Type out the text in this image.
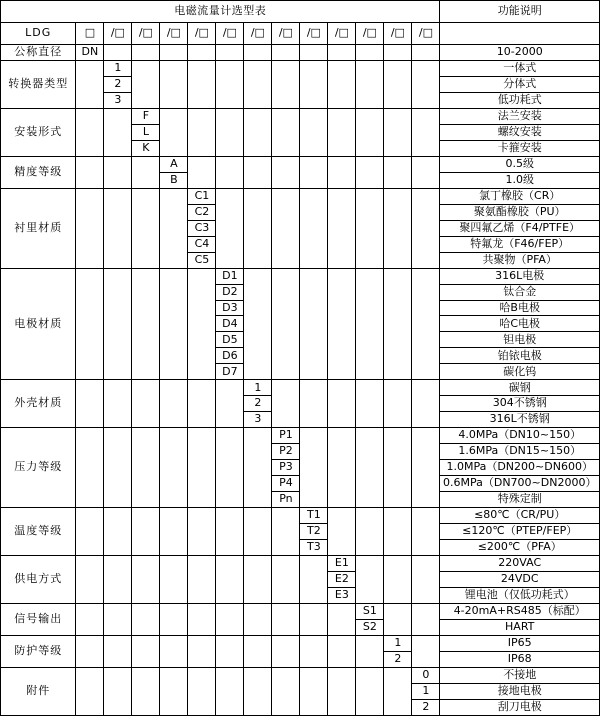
电磁流量计选型表														功能说明
LDG	□	/□	/□	/□	/□	/□	/□	/□	/□	/□	/□	/□	/□	
公称直径	DN													10-2000
转换器类型		1												一体式
		2												分体式
		3												低功耗式
安装形式			F											法兰安装
			L											螺纹安装
			K											卡箍安装
精度等级				A										0.5级
				B										1.0级
衬里材质					C1									氯丁橡胶（CR）
					C2									聚氨酯橡胶（PU）
					C3									聚四氟乙烯（F4/PTFE）
					C4									特氟龙（F46/FEP）
					C5									共聚物（PFA）
电极材质						D1								316L电极
						D2								钛合金
						D3								哈B电极
						D4								哈C电极
						D5								钽电极
						D6								铂铱电极
						D7								碳化钨
外壳材质							1							碳钢
							2							304不锈钢
							3							316L不锈钢
压力等级								P1						4.0MPa（DN10~150）
								P2						1.6MPa（DN15~150）
								P3						1.0MPa（DN200~DN600）
								P4						0.6MPa（DN700~DN2000）
								Pn						特殊定制
温度等级									T1					≤80℃（CR/PU）
									T2					≤120℃（PTEP/FEP）
									T3					≤200℃（PFA）
供电方式										E1				220VAC
										E2				24VDC
										E3				锂电池（仅低功耗式）
信号输出											S1			4-20mA+RS485（标配）
											S2			HART
防护等级												1		IP65
												2		IP68
附件													0	不接地
													1	接地电极
													2	刮刀电极
